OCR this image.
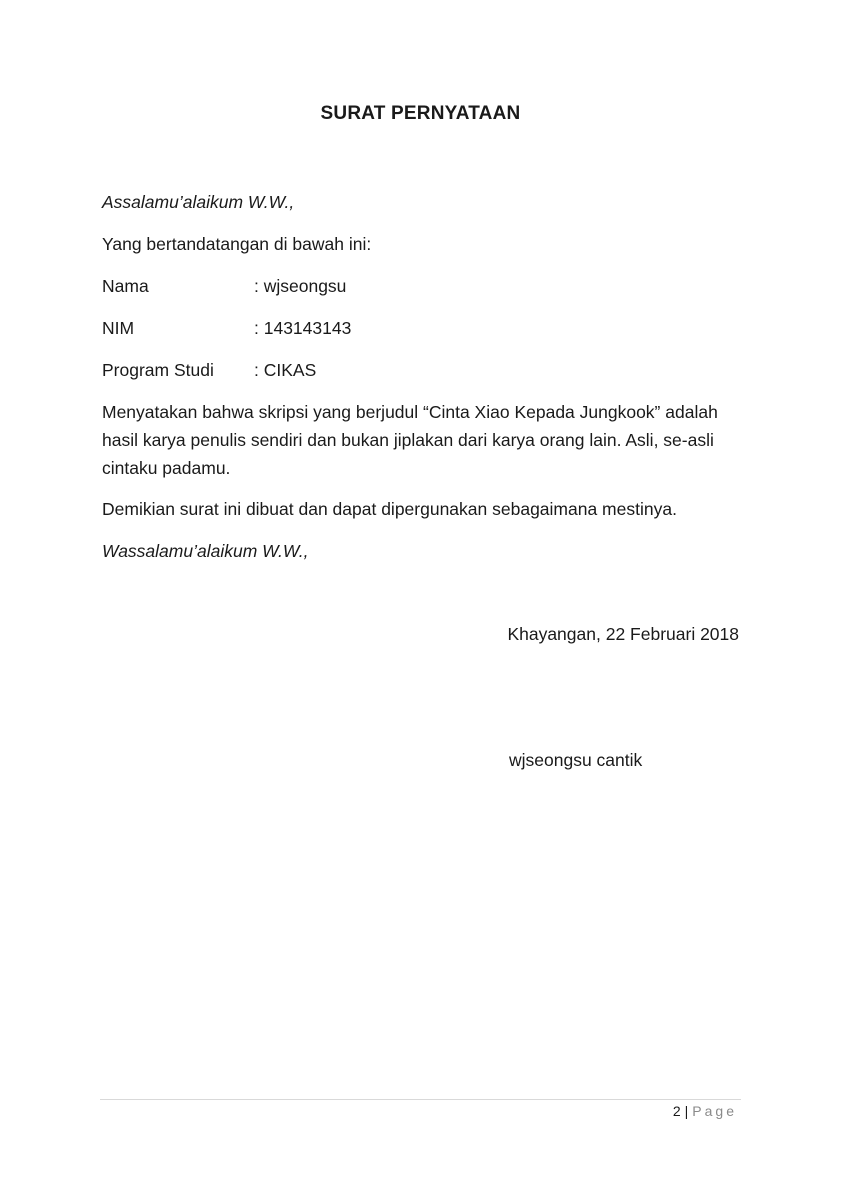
SURAT PERNYATAAN
Assalamu’alaikum W.W.,
Yang bertandatangan di bawah ini:
Nama	: wjseongsu
NIM	: 143143143
Program Studi : CIKAS
Menyatakan bahwa skripsi yang berjudul “Cinta Xiao Kepada Jungkook” adalah
hasil karya penulis sendiri dan bukan jiplakan dari karya orang lain. Asli, se-asli
cintaku padamu.
Demikian surat ini dibuat dan dapat dipergunakan sebagaimana mestinya.
Wassalamu’alaikum W.W.,
Khayangan, 22 Februari 2018
wjseongsu cantik
2 | Page
